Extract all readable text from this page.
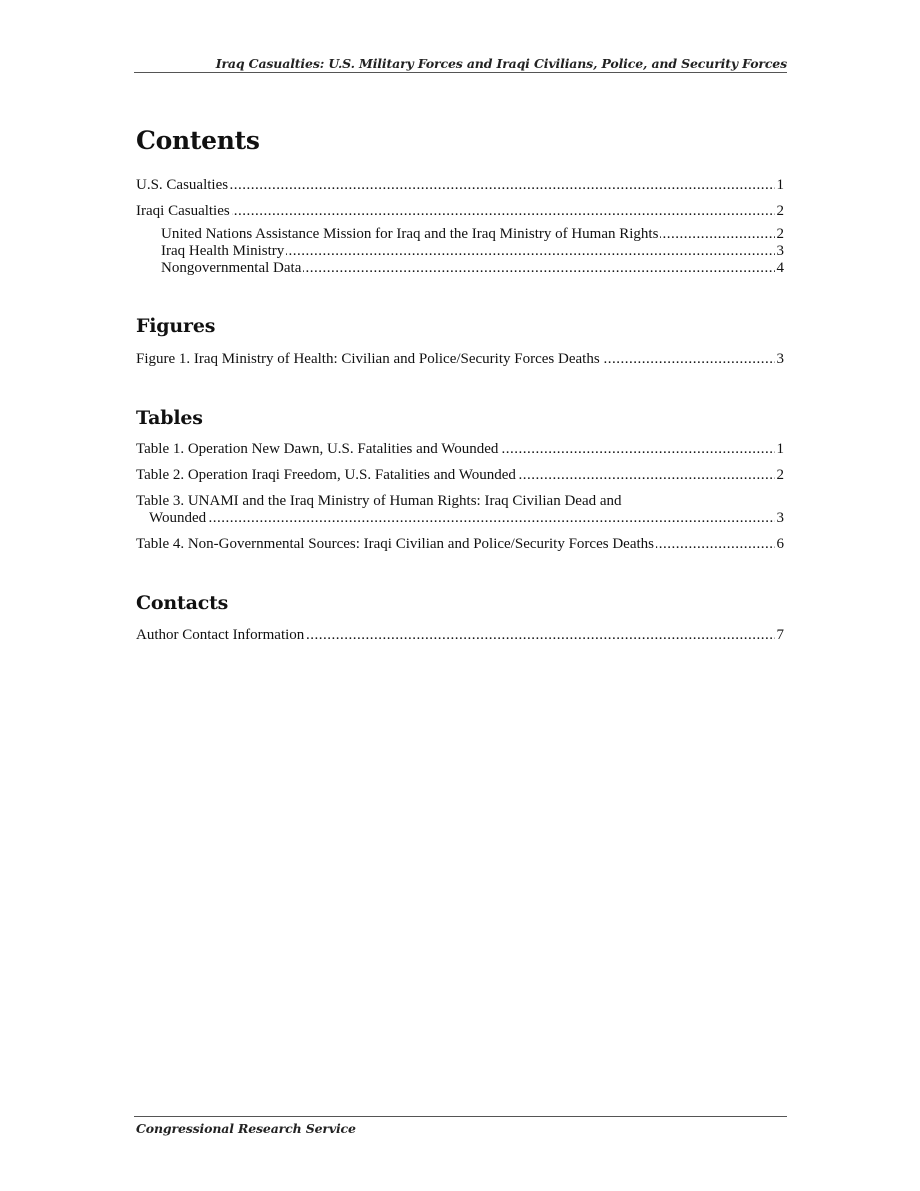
Iraq Casualties: U.S. Military Forces and Iraqi Civilians, Police, and Security Forces
Contents
U.S. Casualties	1
.....
Iraqi Casualties	2
.....
United Nations Assistance Mission for Iraq and the Iraq Ministry of Human Rights	2
.....
Iraq Health Ministry	3
.....
Nongovernmental Data	4
.....
Figures
Figure 1. Iraq Ministry of Health: Civilian and Police/Security Forces Deaths	3
.....
Tables
Table 1. Operation New Dawn, U.S. Fatalities and Wounded	1
.....
Table 2. Operation Iraqi Freedom, U.S. Fatalities and Wounded	2
.....
Table 3. UNAMI and the Iraq Ministry of Human Rights: Iraq Civilian Dead and
Wounded	3
.....
Table 4. Non-Governmental Sources: Iraqi Civilian and Police/Security Forces Deaths	6
.....
Contacts
Author Contact Information	7
.....
Congressional Research Service
